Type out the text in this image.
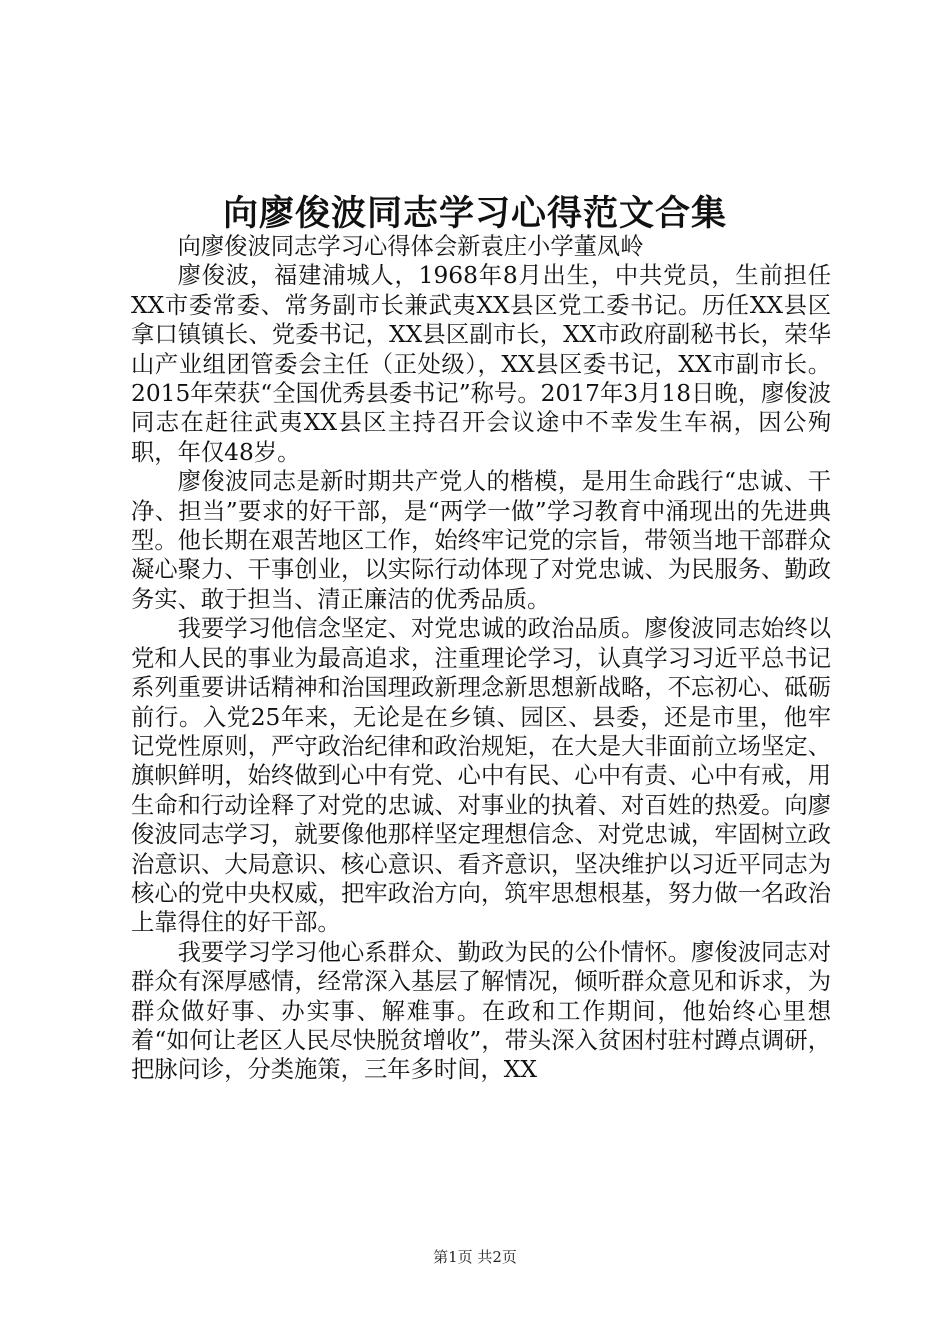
向廖俊波同志学习心得范文合集

向廖俊波同志学习心得体会新袁庄小学董凤岭

廖俊波，福建浦城人，1968年8月出生，中共党员，生前担任XX市委常委、常务副市长兼武夷XX县区党工委书记。历任XX县区拿口镇镇长、党委书记，XX县区副市长，XX市政府副秘书长，荣华山产业组团管委会主任（正处级），XX县区委书记，XX市副市长。2015年荣获“全国优秀县委书记”称号。2017年3月18日晚，廖俊波同志在赶往武夷XX县区主持召开会议途中不幸发生车祸，因公殉职，年仅48岁。

廖俊波同志是新时期共产党人的楷模，是用生命践行“忠诚、干净、担当”要求的好干部，是“两学一做”学习教育中涌现出的先进典型。他长期在艰苦地区工作，始终牢记党的宗旨，带领当地干部群众凝心聚力、干事创业，以实际行动体现了对党忠诚、为民服务、勤政务实、敢于担当、清正廉洁的优秀品质。

我要学习他信念坚定、对党忠诚的政治品质。廖俊波同志始终以党和人民的事业为最高追求，注重理论学习，认真学习习近平总书记系列重要讲话精神和治国理政新理念新思想新战略，不忘初心、砥砺前行。入党25年来，无论是在乡镇、园区、县委，还是市里，他牢记党性原则，严守政治纪律和政治规矩，在大是大非面前立场坚定、旗帜鲜明，始终做到心中有党、心中有民、心中有责、心中有戒，用生命和行动诠释了对党的忠诚、对事业的执着、对百姓的热爱。向廖俊波同志学习，就要像他那样坚定理想信念、对党忠诚，牢固树立政治意识、大局意识、核心意识、看齐意识，坚决维护以习近平同志为核心的党中央权威，把牢政治方向，筑牢思想根基，努力做一名政治上靠得住的好干部。

我要学习学习他心系群众、勤政为民的公仆情怀。廖俊波同志对群众有深厚感情，经常深入基层了解情况，倾听群众意见和诉求，为群众做好事、办实事、解难事。在政和工作期间，他始终心里想着“如何让老区人民尽快脱贫增收”，带头深入贫困村驻村蹲点调研，把脉问诊，分类施策，三年多时间，XX

第1页 共2页
